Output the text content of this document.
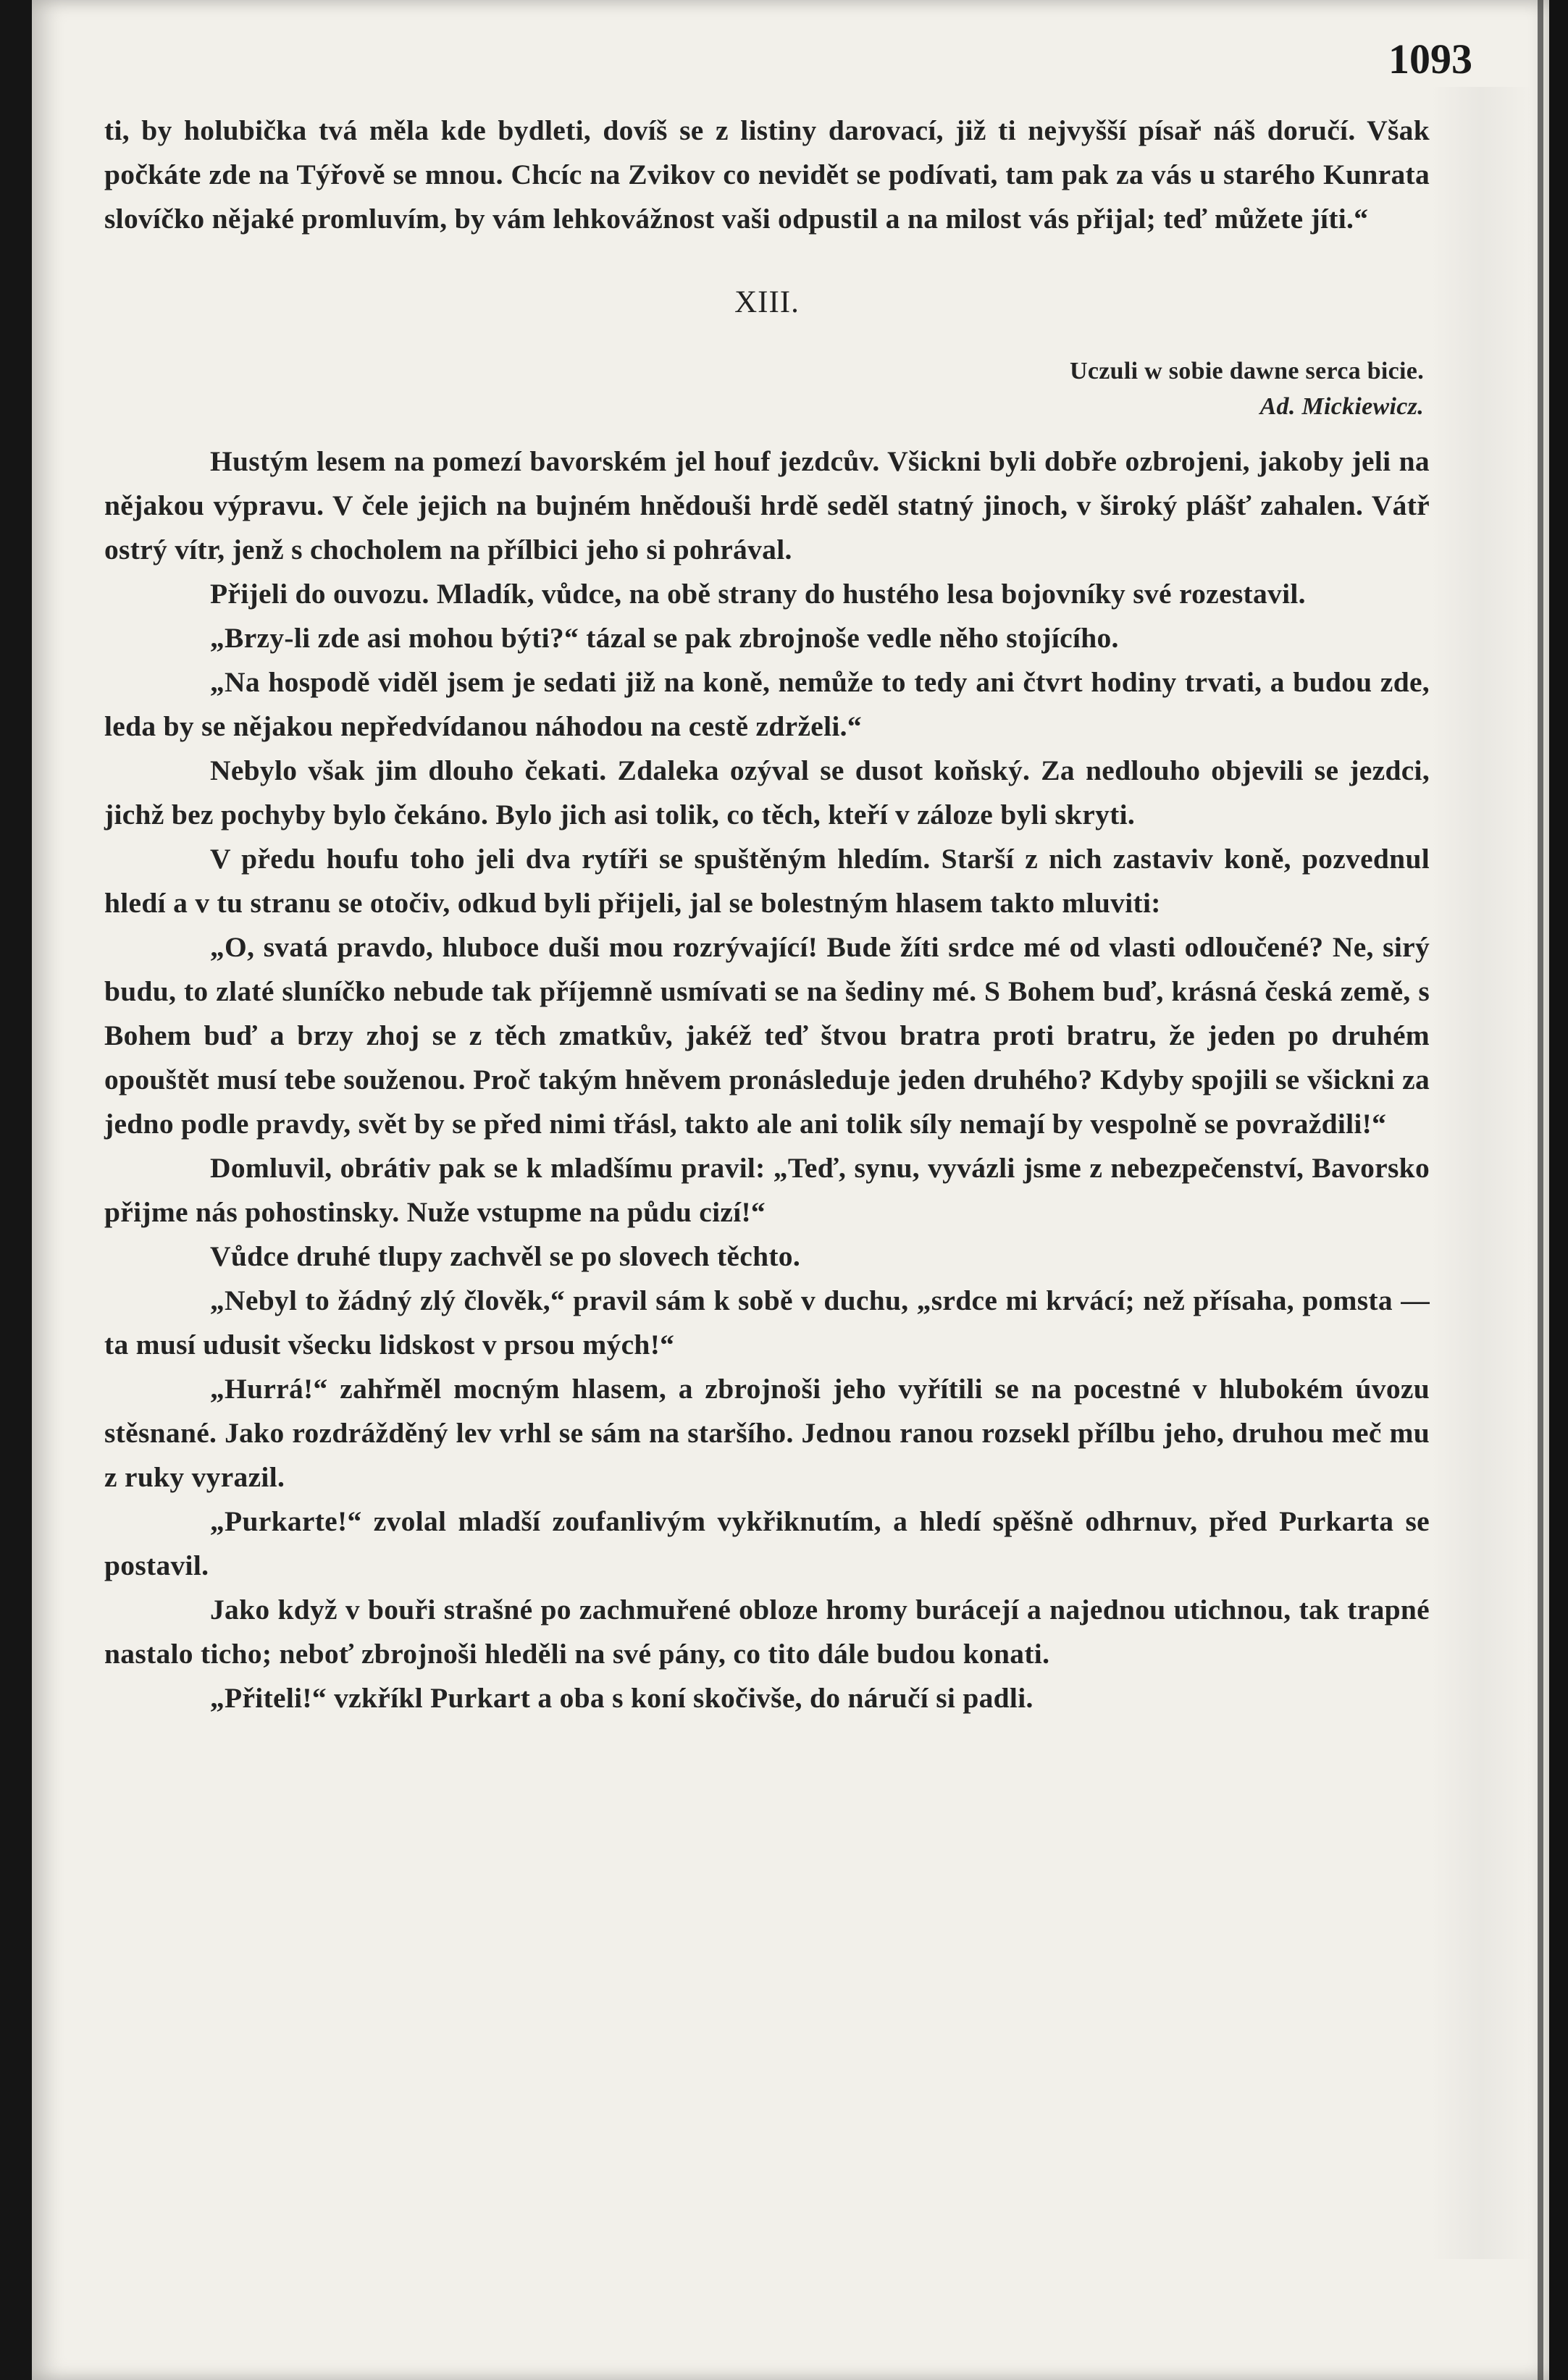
1093

ti, by holubička tvá měla kde bydleti, dovíš se z listiny darovací, již ti nejvyšší písař náš doručí. Však počkáte zde na Týřově se mnou. Chcíc na Zvikov co nevidět se podívati, tam pak za vás u starého Kunrata slovíčko nějaké promluvím, by vám lehkovážnost vaši odpustil a na milost vás přijal; teď můžete jíti.“

XIII.
Uczuli w sobie dawne serca bicie.
Ad. Mickiewicz.

Hustým lesem na pomezí bavorském jel houf jezdcův. Všickni byli dobře ozbrojeni, jakoby jeli na nějakou výpravu. V čele jejich na bujném hnědouši hrdě seděl statný jinoch, v široký plášť zahalen. Vátř ostrý vítr, jenž s chocholem na přílbici jeho si pohrával.

Přijeli do ouvozu. Mladík, vůdce, na obě strany do hustého lesa bojovníky své rozestavil.

„Brzy-li zde asi mohou býti?“ tázal se pak zbrojnoše vedle něho stojícího.

„Na hospodě viděl jsem je sedati již na koně, nemůže to tedy ani čtvrt hodiny trvati, a budou zde, leda by se nějakou nepředvídanou náhodou na cestě zdrželi.“

Nebylo však jim dlouho čekati. Zdaleka ozýval se dusot koňský. Za nedlouho objevili se jezdci, jichž bez pochyby bylo čekáno. Bylo jich asi tolik, co těch, kteří v záloze byli skryti.

V předu houfu toho jeli dva rytíři se spuštěným hledím. Starší z nich zastaviv koně, pozvednul hledí a v tu stranu se otočiv, odkud byli přijeli, jal se bolestným hlasem takto mluviti:

„O, svatá pravdo, hluboce duši mou rozrývající! Bude žíti srdce mé od vlasti odloučené? Ne, sirý budu, to zlaté sluníčko nebude tak příjemně usmívati se na šediny mé. S Bohem buď, krásná česká země, s Bohem buď a brzy zhoj se z těch zmatkův, jakéž teď štvou bratra proti bratru, že jeden po druhém opouštět musí tebe souženou. Proč takým hněvem pronásleduje jeden druhého? Kdyby spojili se všickni za jedno podle pravdy, svět by se před nimi třásl, takto ale ani tolik síly nemají by vespolně se povraždili!“

Domluvil, obrátiv pak se k mladšímu pravil: „Teď, synu, vyvázli jsme z nebezpečenství, Bavorsko přijme nás pohostinsky. Nuže vstupme na půdu cizí!“

Vůdce druhé tlupy zachvěl se po slovech těchto.

„Nebyl to žádný zlý člověk,“ pravil sám k sobě v duchu, „srdce mi krvácí; než přísaha, pomsta — ta musí udusit všecku lidskost v prsou mých!“

„Hurrá!“ zahřměl mocným hlasem, a zbrojnoši jeho vyřítili se na pocestné v hlubokém úvozu stěsnané. Jako rozdrážděný lev vrhl se sám na staršího. Jednou ranou rozsekl přílbu jeho, druhou meč mu z ruky vyrazil.

„Purkarte!“ zvolal mladší zoufanlivým vykřiknutím, a hledí spěšně odhrnuv, před Purkarta se postavil.

Jako když v bouři strašné po zachmuřené obloze hromy burácejí a najednou utichnou, tak trapné nastalo ticho; neboť zbrojnoši hleděli na své pány, co tito dále budou konati.

„Přiteli!“ vzkříkl Purkart a oba s koní skočivše, do náručí si padli.
